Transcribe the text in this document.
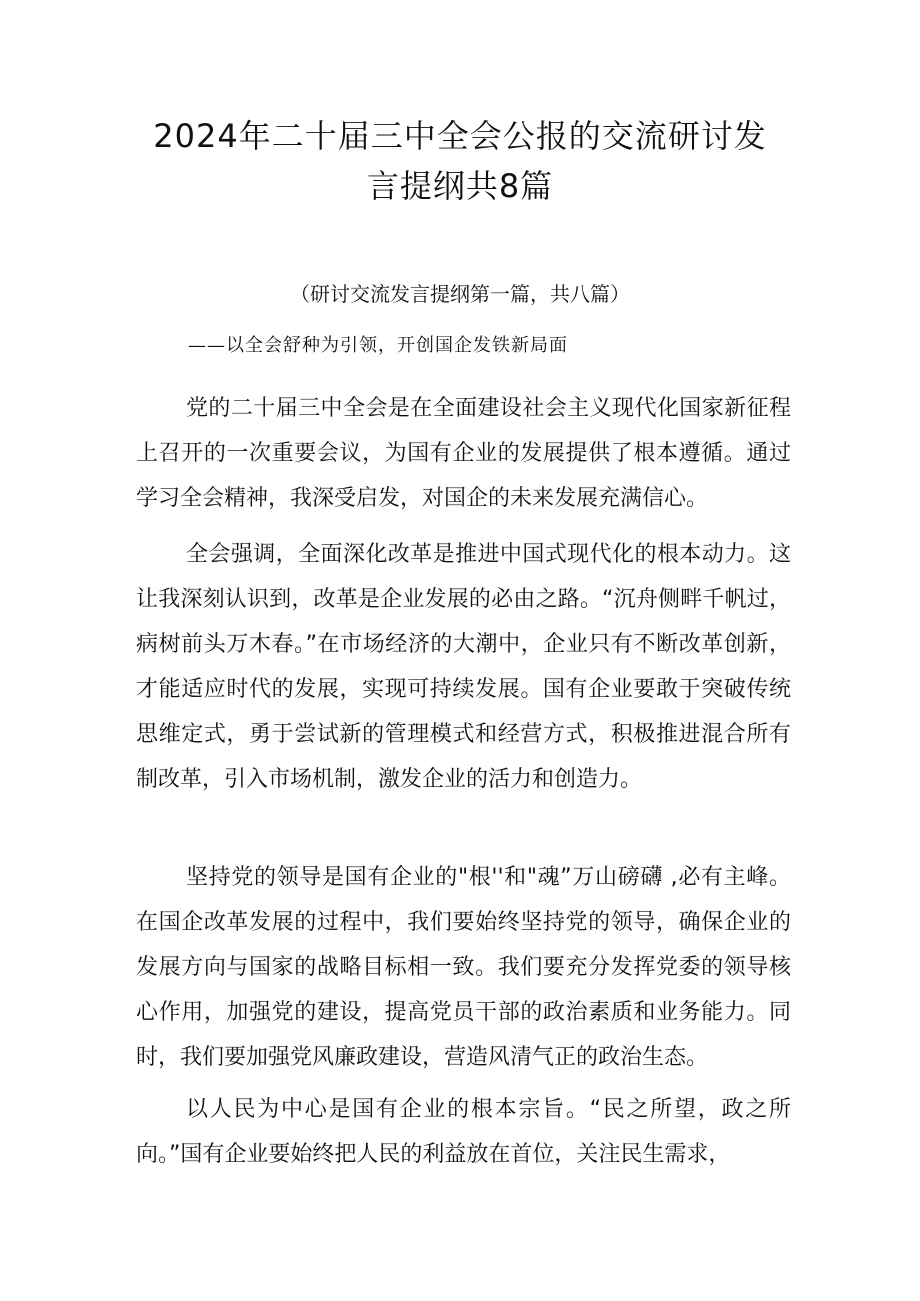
2024年二十届三中全会公报的交流研讨发
言提纲共8篇
（研讨交流发言提纲第一篇，共八篇）
——以全会舒种为引领，开创国企发铁新局面

党的二十届三中全会是在全面建设社会主义现代化国家新征程上召开的一次重要会议，为国有企业的发展提供了根本遵循。通过学习全会精神，我深受启发，对国企的未来发展充满信心。

全会强调，全面深化改革是推进中国式现代化的根本动力。这让我深刻认识到，改革是企业发展的必由之路。“沉舟侧畔千帆过，病树前头万木春。”在市场经济的大潮中，企业只有不断改革创新，才能适应时代的发展，实现可持续发展。国有企业要敢于突破传统思维定式，勇于尝试新的管理模式和经营方式，积极推进混合所有制改革，引入市场机制，激发企业的活力和创造力。

坚持党的领导是国有企业的"根''和"魂”万山磅礴 ,必有主峰。在国企改革发展的过程中，我们要始终坚持党的领导，确保企业的发展方向与国家的战略目标相一致。我们要充分发挥党委的领导核心作用，加强党的建设，提高党员干部的政治素质和业务能力。同时，我们要加强党风廉政建设，营造风清气正的政治生态。

以人民为中心是国有企业的根本宗旨。“民之所望，政之所向。”国有企业要始终把人民的利益放在首位，关注民生需求，
